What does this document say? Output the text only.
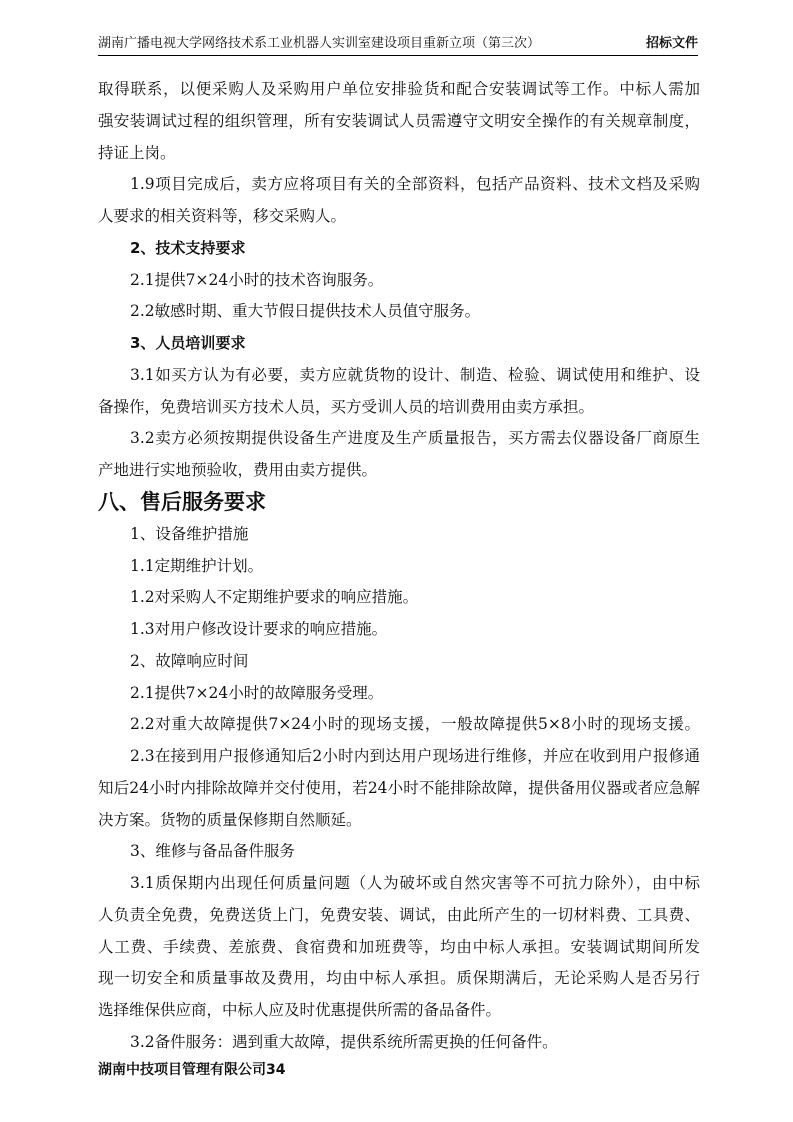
湖南广播电视大学网络技术系工业机器人实训室建设项目重新立项（第三次）	招标文件
取得联系，以便采购人及采购用户单位安排验货和配合安装调试等工作。中标人需加
强安装调试过程的组织管理，所有安装调试人员需遵守文明安全操作的有关规章制度，
持证上岗。
1.9项目完成后，卖方应将项目有关的全部资料，包括产品资料、技术文档及采购
人要求的相关资料等，移交采购人。
2、技术支持要求
2.1提供7×24小时的技术咨询服务。
2.2敏感时期、重大节假日提供技术人员值守服务。
3、人员培训要求
3.1如买方认为有必要，卖方应就货物的设计、制造、检验、调试使用和维护、设
备操作，免费培训买方技术人员，买方受训人员的培训费用由卖方承担。
3.2卖方必须按期提供设备生产进度及生产质量报告，买方需去仪器设备厂商原生
产地进行实地预验收，费用由卖方提供。
八、售后服务要求
1、设备维护措施
1.1定期维护计划。
1.2对采购人不定期维护要求的响应措施。
1.3对用户修改设计要求的响应措施。
2、故障响应时间
2.1提供7×24小时的故障服务受理。
2.2对重大故障提供7×24小时的现场支援，一般故障提供5×8小时的现场支援。
2.3在接到用户报修通知后2小时内到达用户现场进行维修，并应在收到用户报修通
知后24小时内排除故障并交付使用，若24小时不能排除故障，提供备用仪器或者应急解
决方案。货物的质量保修期自然顺延。
3、维修与备品备件服务
3.1质保期内出现任何质量问题（人为破坏或自然灾害等不可抗力除外），由中标
人负责全免费，免费送货上门，免费安装、调试，由此所产生的一切材料费、工具费、
人工费、手续费、差旅费、食宿费和加班费等，均由中标人承担。安装调试期间所发
现一切安全和质量事故及费用，均由中标人承担。质保期满后，无论采购人是否另行
选择维保供应商，中标人应及时优惠提供所需的备品备件。
3.2备件服务：遇到重大故障，提供系统所需更换的任何备件。
湖南中技项目管理有限公司34
